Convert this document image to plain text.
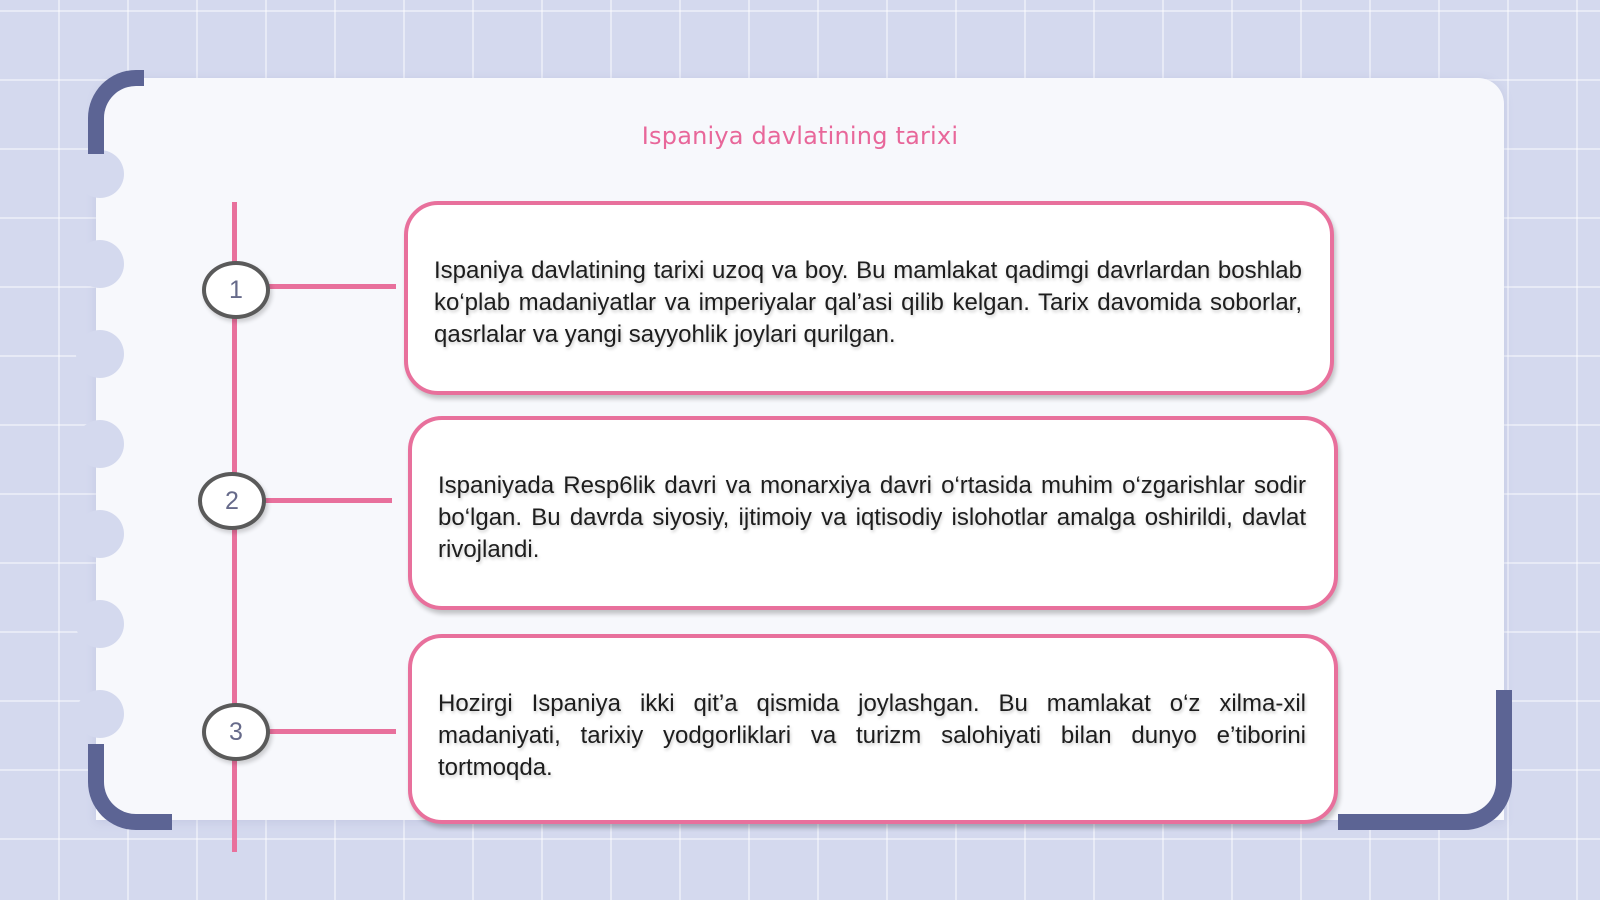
Ispaniya davlatining tarixi
1
2
3

Ispaniya davlatining tarixi uzoq va boy. Bu mamlakat qadimgi davrlardan boshlab ko‘plab madaniyatlar va imperiyalar qal’asi qilib kelgan. Tarix davomida soborlar, qasrlalar va yangi sayyohlik joylari qurilgan.

Ispaniyada Resp6lik davri va monarxiya davri o‘rtasida muhim o‘zgarishlar sodir bo‘lgan. Bu davrda siyosiy, ijtimoiy va iqtisodiy islohotlar amalga oshirildi, davlat rivojlandi.

Hozirgi Ispaniya ikki qit’a qismida joylashgan. Bu mamlakat o‘z xilma-xil madaniyati, tarixiy yodgorliklari va turizm salohiyati bilan dunyo e’tiborini tortmoqda.
